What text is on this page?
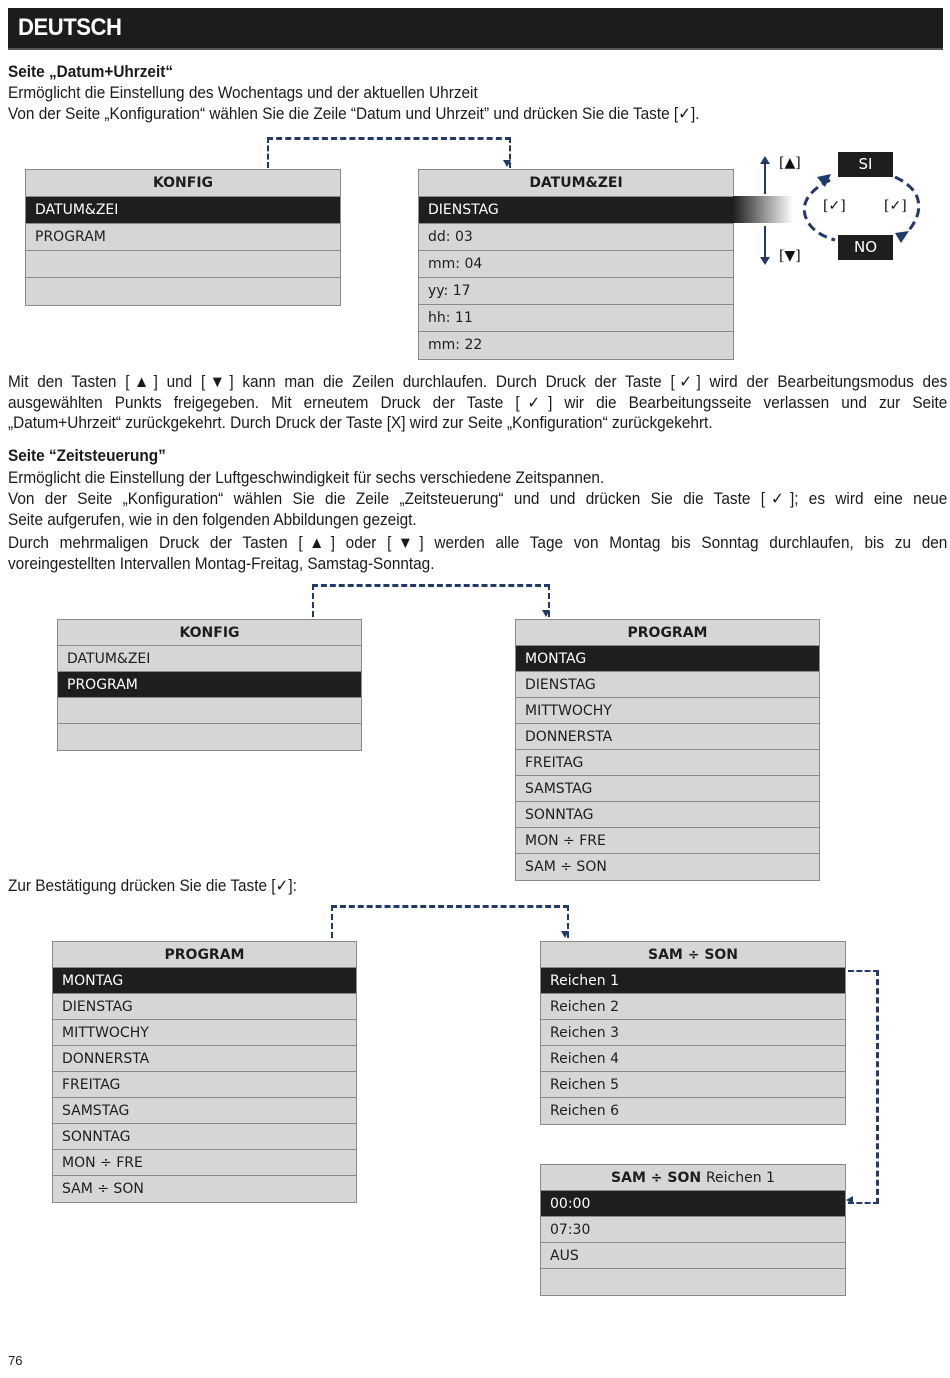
DEUTSCH
Seite „Datum+Uhrzeit“
Ermöglicht die Einstellung des Wochentags und der aktuellen Uhrzeit
Von der Seite „Konfiguration“ wählen Sie die Zeile “Datum und Uhrzeit” und drücken Sie die Taste [✓].
KONFIG
DATUM&ZEI
PROGRAM

DATUM&ZEI
DIENSTAG
dd: 03
mm: 04
yy: 17
hh: 11
mm: 22
[▲]
[▼]
SI
NO
[✓]	[✓]
Mit den Tasten [▲] und [▼] kann man die Zeilen durchlaufen. Durch Druck der Taste [✓] wird der Bearbeitungsmodus des
ausgewählten Punkts freigegeben. Mit erneutem Druck der Taste [✓] wir die Bearbeitungsseite verlassen und zur Seite
„Datum+Uhrzeit“ zurückgekehrt. Durch Druck der Taste [X] wird zur Seite „Konfiguration“ zurückgekehrt.
Seite “Zeitsteuerung”
Ermöglicht die Einstellung der Luftgeschwindigkeit für sechs verschiedene Zeitspannen.
Von der Seite „Konfiguration“ wählen Sie die Zeile „Zeitsteuerung“ und und drücken Sie die Taste [✓]; es wird eine neue
Seite aufgerufen, wie in den folgenden Abbildungen gezeigt.
Durch mehrmaligen Druck der Tasten [▲] oder [▼] werden alle Tage von Montag bis Sonntag durchlaufen, bis zu den
voreingestellten Intervallen Montag-Freitag, Samstag-Sonntag.
KONFIG
DATUM&ZEI
PROGRAM

PROGRAM
MONTAG
DIENSTAG
MITTWOCHY
DONNERSTA
FREITAG
SAMSTAG
SONNTAG
MON ÷ FRE
SAM ÷ SON
Zur Bestätigung drücken Sie die Taste [✓]:
PROGRAM
MONTAG
DIENSTAG
MITTWOCHY
DONNERSTA
FREITAG
SAMSTAG
SONNTAG
MON ÷ FRE
SAM ÷ SON
SAM ÷ SON
Reichen 1
Reichen 2
Reichen 3
Reichen 4
Reichen 5
Reichen 6
SAM ÷ SON Reichen 1
00:00
07:30
AUS

76
